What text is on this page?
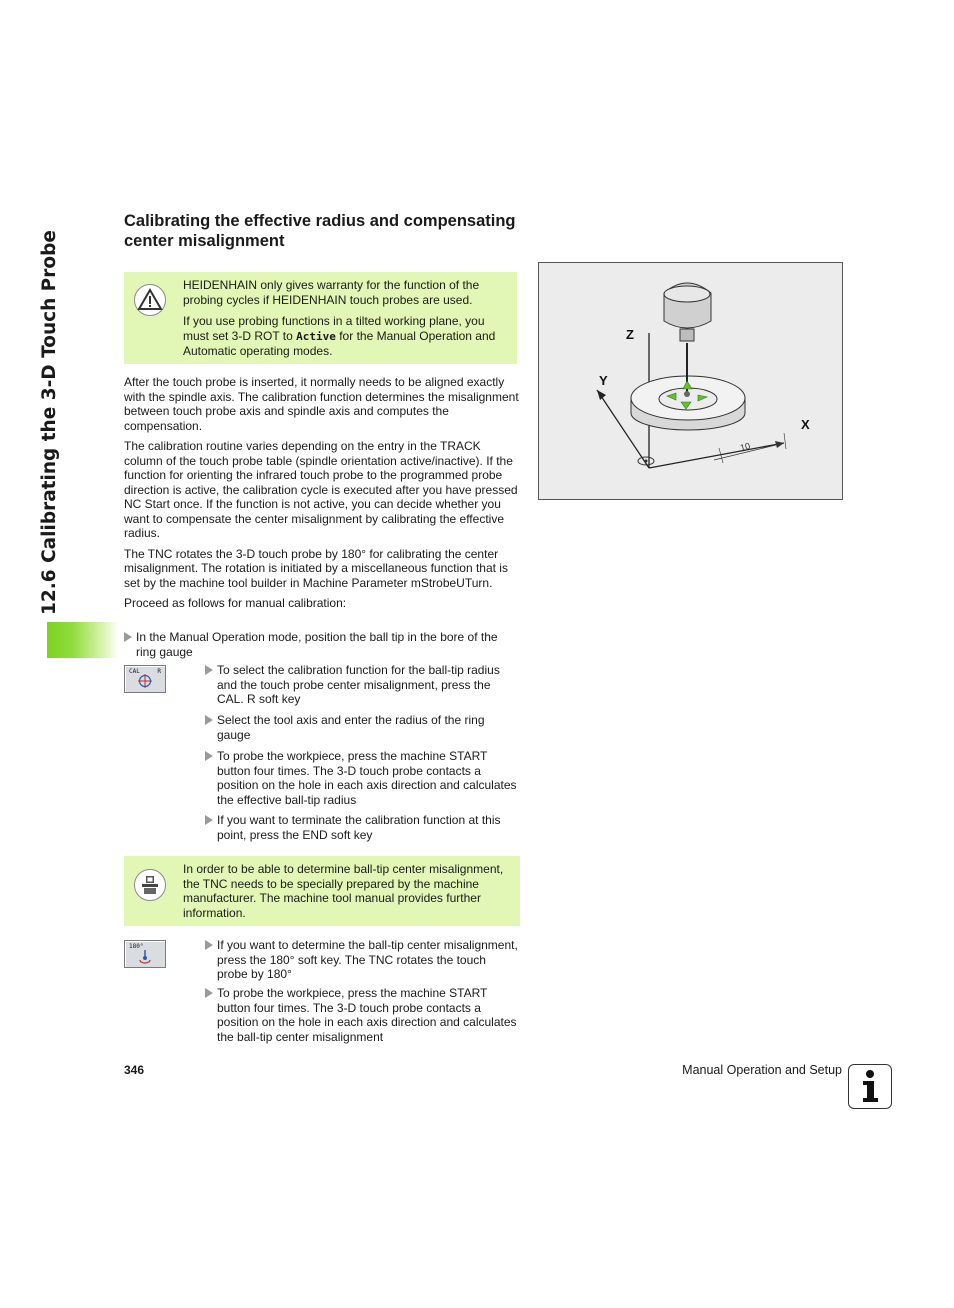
12.6 Calibrating the 3-D Touch Probe
Calibrating the effective radius and compensating center misalignment

HEIDENHAIN only gives warranty for the function of the probing cycles if HEIDENHAIN touch probes are used.

If you use probing functions in a tilted working plane, you must set 3-D ROT to Active for the Manual Operation and Automatic operating modes.

After the touch probe is inserted, it normally needs to be aligned exactly with the spindle axis. The calibration function determines the misalignment between touch probe axis and spindle axis and computes the compensation.

The calibration routine varies depending on the entry in the TRACK column of the touch probe table (spindle orientation active/inactive). If the function for orienting the infrared touch probe to the programmed probe direction is active, the calibration cycle is executed after you have pressed NC Start once. If the function is not active, you can decide whether you want to compensate the center misalignment by calibrating the effective radius.

The TNC rotates the 3-D touch probe by 180° for calibrating the center misalignment. The rotation is initiated by a miscellaneous function that is set by the machine tool builder in Machine Parameter mStrobeUTurn.

Proceed as follows for manual calibration:

In the Manual Operation mode, position the ball tip in the bore of the ring gauge
CAL	R	To select the calibration function for the ball-tip radius and the touch probe center misalignment, press the CAL. R soft key
Select the tool axis and enter the radius of the ring gauge
To probe the workpiece, press the machine START button four times. The 3-D touch probe contacts a position on the hole in each axis direction and calculates the effective ball-tip radius
If you want to terminate the calibration function at this point, press the END soft key
In order to be able to determine ball-tip center misalignment, the TNC needs to be specially prepared by the machine manufacturer. The machine tool manual provides further information.
180°	If you want to determine the ball-tip center misalignment, press the 180° soft key. The TNC rotates the touch probe by 180°
To probe the workpiece, press the machine START button four times. The 3-D touch probe contacts a position on the hole in each axis direction and calculates the ball-tip center misalignment
Z
Y
X
10
346	Manual Operation and Setup
